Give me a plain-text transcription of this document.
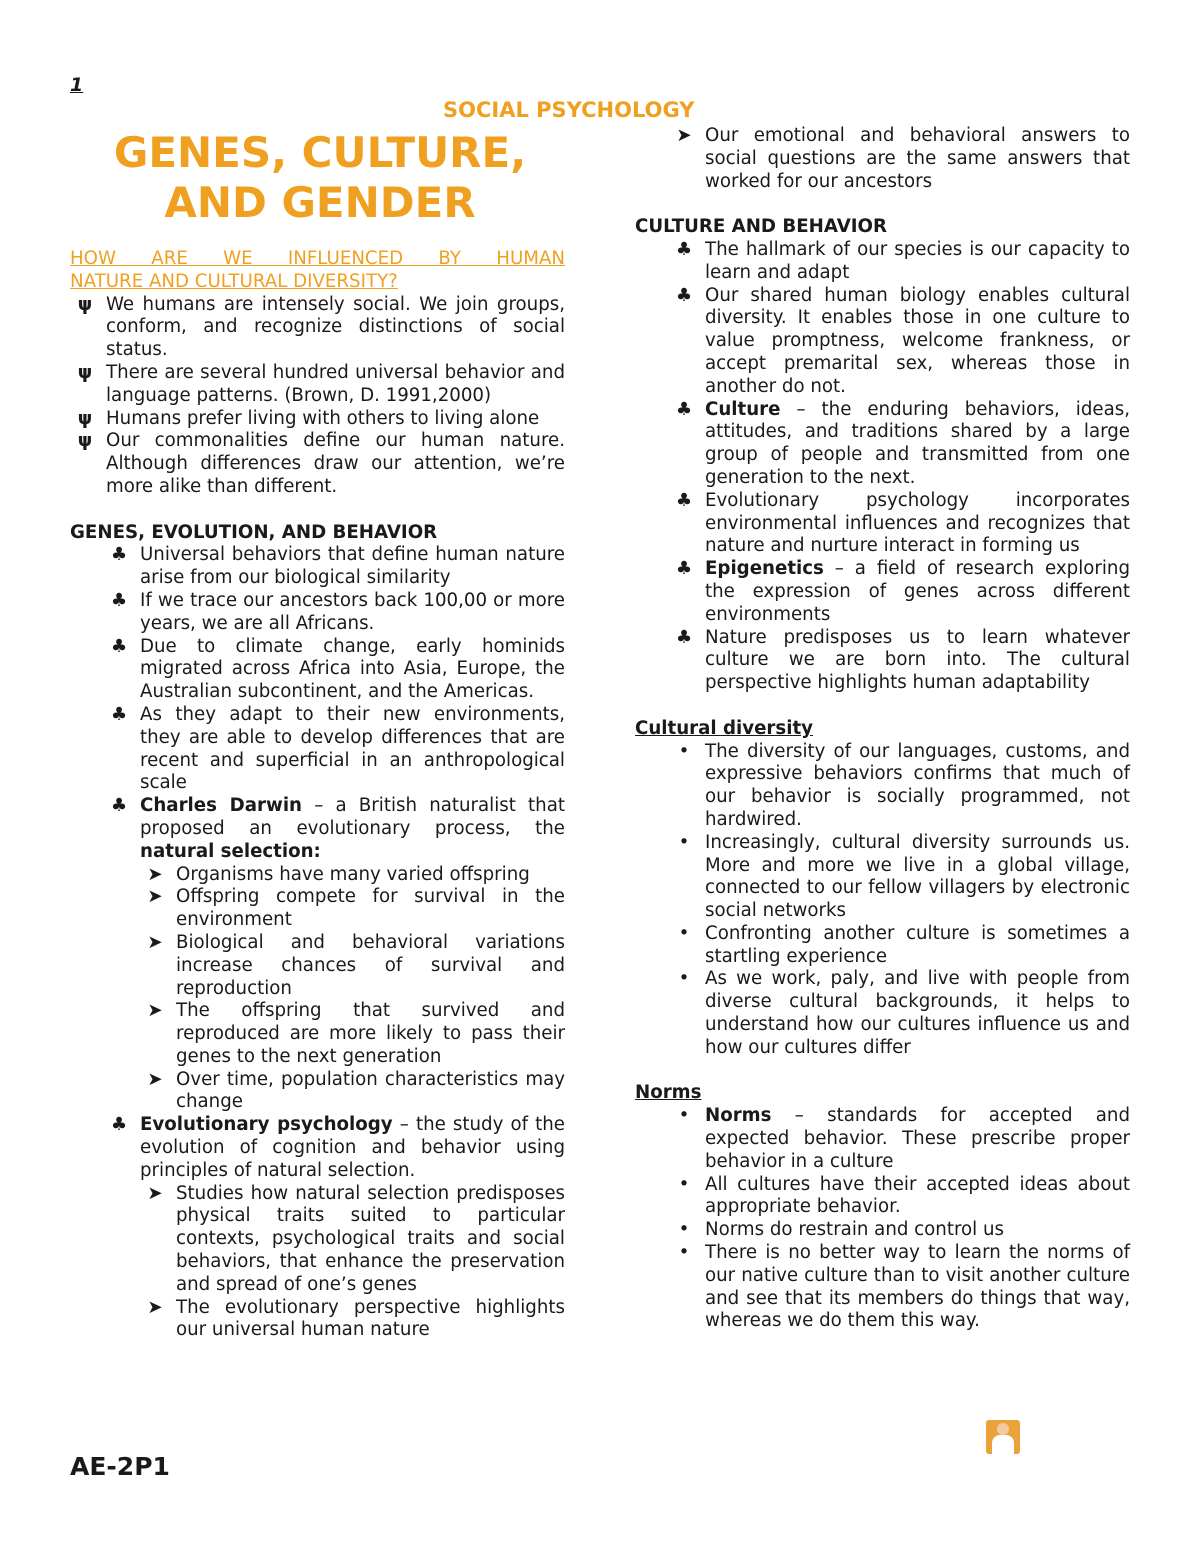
1
SOCIAL PSYCHOLOGY
GENES, CULTURE,
AND GENDER

HOW ARE WE INFLUENCED BY HUMAN

NATURE AND CULTURAL DIVERSITY?

ψ We humans are intensely social. We join groups, conform, and recognize distinctions of social status.
ψ There are several hundred universal behavior and language patterns. (Brown, D. 1991,2000)
ψ Humans prefer living with others to living alone
ψ Our commonalities define our human nature. Although differences draw our attention, we’re more alike than different.

GENES, EVOLUTION, AND BEHAVIOR

♣ Universal behaviors that define human nature arise from our biological similarity
♣ If we trace our ancestors back 100,00 or more years, we are all Africans.
♣ Due to climate change, early hominids migrated across Africa into Asia, Europe, the Australian subcontinent, and the Americas.
♣ As they adapt to their new environments, they are able to develop differences that are recent and superficial in an anthropological scale
♣ Charles Darwin – a British naturalist that proposed an evolutionary process, the natural selection:
➤ Organisms have many varied offspring
➤ Offspring compete for survival in the environment
➤ Biological and behavioral variations increase chances of survival and reproduction
➤ The offspring that survived and reproduced are more likely to pass their genes to the next generation
➤ Over time, population characteristics may change
♣ Evolutionary psychology – the study of the evolution of cognition and behavior using principles of natural selection.
➤ Studies how natural selection predisposes physical traits suited to particular contexts, psychological traits and social behaviors, that enhance the preservation and spread of one’s genes
➤ The evolutionary perspective highlights our universal human nature
➤ Our emotional and behavioral answers to social questions are the same answers that worked for our ancestors

CULTURE AND BEHAVIOR

♣ The hallmark of our species is our capacity to learn and adapt
♣ Our shared human biology enables cultural diversity. It enables those in one culture to value promptness, welcome frankness, or accept premarital sex, whereas those in another do not.
♣ Culture – the enduring behaviors, ideas, attitudes, and traditions shared by a large group of people and transmitted from one generation to the next.
♣ Evolutionary psychology incorporates environmental influences and recognizes that nature and nurture interact in forming us
♣ Epigenetics – a field of research exploring the expression of genes across different environments
♣ Nature predisposes us to learn whatever culture we are born into. The cultural perspective highlights human adaptability

Cultural diversity

• The diversity of our languages, customs, and expressive behaviors confirms that much of our behavior is socially programmed, not hardwired.
• Increasingly, cultural diversity surrounds us. More and more we live in a global village, connected to our fellow villagers by electronic social networks
• Confronting another culture is sometimes a startling experience
• As we work, paly, and live with people from diverse cultural backgrounds, it helps to understand how our cultures influence us and how our cultures differ

Norms

• Norms – standards for accepted and expected behavior. These prescribe proper behavior in a culture
• All cultures have their accepted ideas about appropriate behavior.
• Norms do restrain and control us
• There is no better way to learn the norms of our native culture than to visit another culture and see that its members do things that way, whereas we do them this way.
AE-2P1
